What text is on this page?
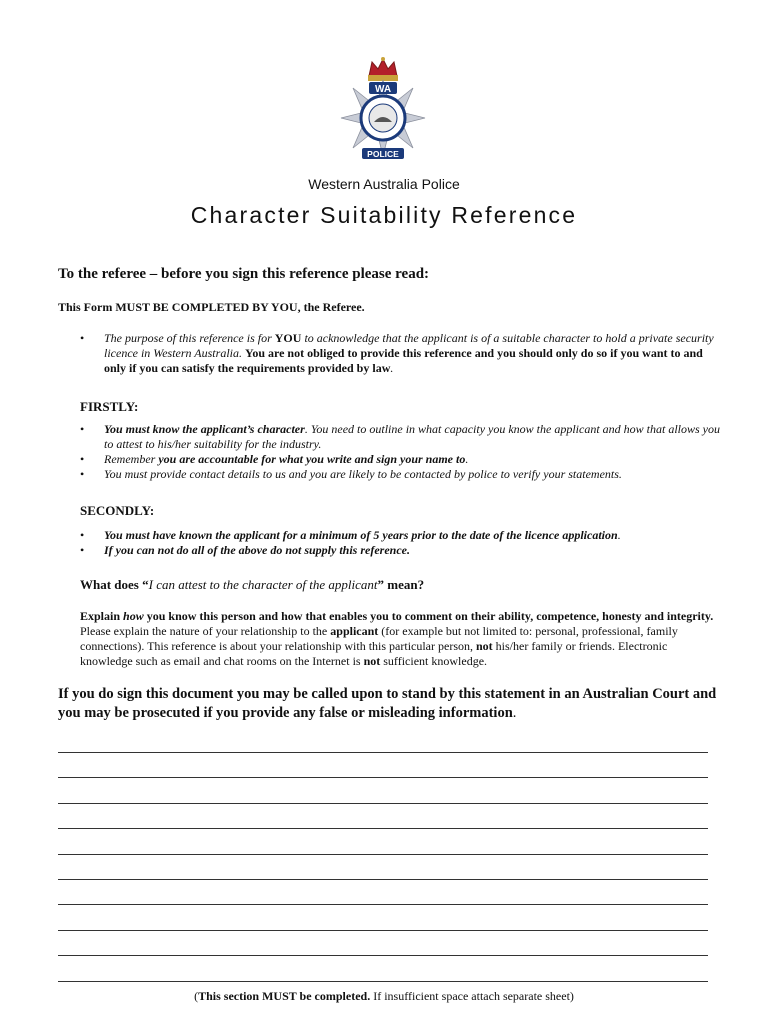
WA
POLICE
Western Australia Police
Character Suitability Reference
To the referee – before you sign this reference please read:
This Form MUST BE COMPLETED BY YOU, the Referee.
• The purpose of this reference is for YOU to acknowledge that the applicant is of a suitable character to hold a private security licence in Western Australia. You are not obliged to provide this reference and you should only do so if you want to and only if you can satisfy the requirements provided by law.
FIRSTLY:
• You must know the applicant’s character. You need to outline in what capacity you know the applicant and how that allows you to attest to his/her suitability for the industry.
• Remember you are accountable for what you write and sign your name to.
• You must provide contact details to us and you are likely to be contacted by police to verify your statements.
SECONDLY:
• You must have known the applicant for a minimum of 5 years prior to the date of the licence application.
• If you can not do all of the above do not supply this reference.
What does “I can attest to the character of the applicant” mean?
Explain how you know this person and how that enables you to comment on their ability, competence, honesty and integrity. Please explain the nature of your relationship to the applicant (for example but not limited to: personal, professional, family connections). This reference is about your relationship with this particular person, not his/her family or friends. Electronic knowledge such as email and chat rooms on the Internet is not sufficient knowledge.
If you do sign this document you may be called upon to stand by this statement in an Australian Court and you may be prosecuted if you provide any false or misleading information.
(This section MUST be completed. If insufficient space attach separate sheet)
